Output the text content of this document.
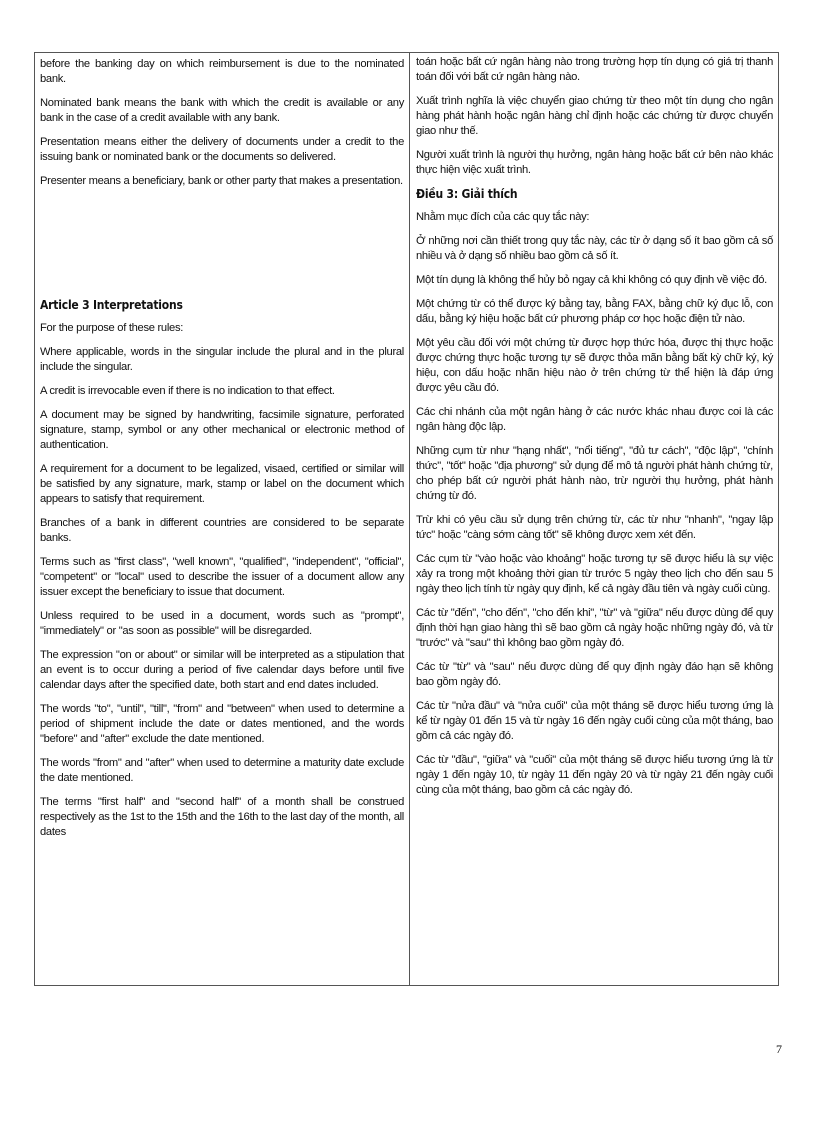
before the banking day on which reimbursement is due to the nominated bank.

Nominated bank means the bank with which the credit is available or any bank in the case of a credit available with any bank.

Presentation means either the delivery of documents under a credit to the issuing bank or nominated bank or the documents so delivered.

Presenter means a beneficiary, bank or other party that makes a presentation.

Article 3 Interpretations

For the purpose of these rules:

Where applicable, words in the singular include the plural and in the plural include the singular.

A credit is irrevocable even if there is no indication to that effect.

A document may be signed by handwriting, facsimile signature, perforated signature, stamp, symbol or any other mechanical or electronic method of authentication.

A requirement for a document to be legalized, visaed, certified or similar will be satisfied by any signature, mark, stamp or label on the document which appears to satisfy that requirement.

Branches of a bank in different countries are considered to be separate banks.

Terms such as "first class", "well known", "qualified", "independent", "official", "competent" or "local" used to describe the issuer of a document allow any issuer except the beneficiary to issue that document.

Unless required to be used in a document, words such as "prompt", "immediately" or "as soon as possible" will be disregarded.

The expression "on or about" or similar will be interpreted as a stipulation that an event is to occur during a period of five calendar days before until five calendar days after the specified date, both start and end dates included.

The words "to", "until", "till", "from" and "between" when used to determine a period of shipment include the date or dates mentioned, and the words "before" and "after" exclude the date mentioned.

The words "from" and "after" when used to determine a maturity date exclude the date mentioned.

The terms "first half" and "second half" of a month shall be construed respectively as the 1st to the 15th and the 16th to the last day of the month, all dates

toán hoặc bất cứ ngân hàng nào trong trường hợp tín dụng có giá trị thanh toán đối với bất cứ ngân hàng nào.

Xuất trình nghĩa là việc chuyển giao chứng từ theo một tín dụng cho ngân hàng phát hành hoặc ngân hàng chỉ định hoặc các chứng từ được chuyển giao như thế.

Người xuất trình là người thụ hưởng, ngân hàng hoặc bất cứ bên nào khác thực hiện việc xuất trình.

Điều 3: Giải thích

Nhằm mục đích của các quy tắc này:

Ở những nơi cần thiết trong quy tắc này, các từ ở dạng số ít bao gồm cả số nhiều và ở dạng số nhiều bao gồm cả số ít.

Một tín dụng là không thể hủy bỏ ngay cả khi không có quy định về việc đó.

Một chứng từ có thể được ký bằng tay, bằng FAX, bằng chữ ký đục lỗ, con dấu, bằng ký hiệu hoặc bất cứ phương pháp cơ học hoặc điện tử nào.

Một yêu cầu đối với một chứng từ được hợp thức hóa, được thị thực hoặc được chứng thực hoặc tương tự sẽ được thỏa mãn bằng bất kỳ chữ ký, ký hiệu, con dấu hoặc nhãn hiệu nào ở trên chứng từ thể hiện là đáp ứng được yêu cầu đó.

Các chi nhánh của một ngân hàng ở các nước khác nhau được coi là các ngân hàng độc lập.

Những cụm từ như "hạng nhất", "nổi tiếng", "đủ tư cách", "độc lập", "chính thức", "tốt" hoặc "địa phương" sử dụng để mô tả người phát hành chứng từ, cho phép bất cứ người phát hành nào, trừ người thụ hưởng, phát hành chứng từ đó.

Trừ khi có yêu cầu sử dụng trên chứng từ, các từ như "nhanh", "ngay lập tức" hoặc "càng sớm càng tốt" sẽ không được xem xét đến.

Các cụm từ "vào hoặc vào khoảng" hoặc tương tự sẽ được hiểu là sự việc xảy ra trong một khoảng thời gian từ trước 5 ngày theo lịch cho đến sau 5 ngày theo lịch tính từ ngày quy định, kể cả ngày đầu tiên và ngày cuối cùng.

Các từ "đến", "cho đến", "cho đến khi", "từ" và "giữa" nếu được dùng để quy định thời hạn giao hàng thì sẽ bao gồm cả ngày hoặc những ngày đó, và từ "trước" và "sau" thì không bao gồm ngày đó.

Các từ "từ" và "sau" nếu được dùng để quy định ngày đáo hạn sẽ không bao gồm ngày đó.

Các từ "nửa đầu" và "nửa cuối" của một tháng sẽ được hiểu tương ứng là kể từ ngày 01 đến 15 và từ ngày 16 đến ngày cuối cùng của một tháng, bao gồm cả các ngày đó.

Các từ "đầu", "giữa" và "cuối" của một tháng sẽ được hiểu tương ứng là từ ngày 1 đến ngày 10, từ ngày 11 đến ngày 20 và từ ngày 21 đến ngày cuối cùng của một tháng, bao gồm cả các ngày đó.

7
